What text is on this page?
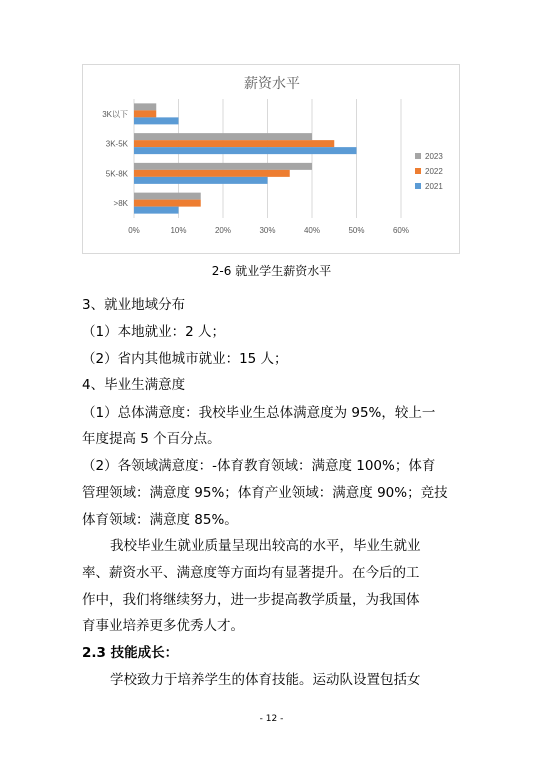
薪资水平
0%	10%	20%	30%	40%	50%	60%
3K以下
3K-5K
5K-8K
>8K
2023
2022
2021
2-6 就业学生薪资水平
3、就业地域分布
（1）本地就业：2 人；
（2）省内其他城市就业：15 人；
4、毕业生满意度
（1）总体满意度：我校毕业生总体满意度为 95%，较上一
年度提高 5 个百分点。
（2）各领域满意度：-体育教育领域：满意度 100%；体育
管理领域：满意度 95%；体育产业领域：满意度 90%；竞技
体育领域：满意度 85%。
我校毕业生就业质量呈现出较高的水平，毕业生就业
率、薪资水平、满意度等方面均有显著提升。在今后的工
作中，我们将继续努力，进一步提高教学质量，为我国体
育事业培养更多优秀人才。
2.3 技能成长：
学校致力于培养学生的体育技能。运动队设置包括女
- 12 -
